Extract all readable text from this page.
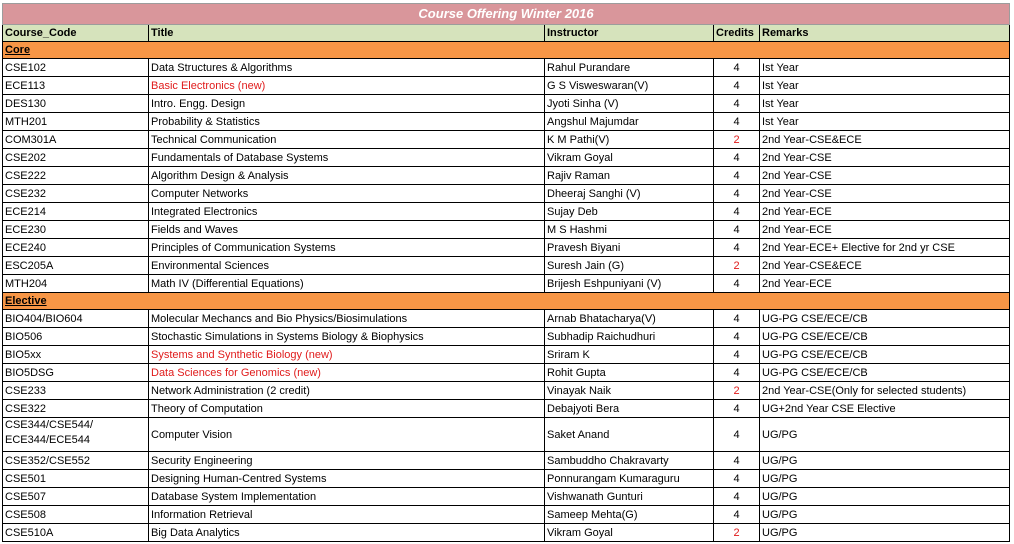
Course Offering Winter 2016				
Course_Code	Title	Instructor	Credits	Remarks
Core				
CSE102	Data Structures & Algorithms	Rahul Purandare	4	Ist Year
ECE113	Basic Electronics (new)	G S Visweswaran(V)	4	Ist Year
DES130	Intro. Engg. Design	Jyoti Sinha (V)	4	Ist Year
MTH201	Probability & Statistics	Angshul Majumdar	4	Ist Year
COM301A	Technical Communication	K M Pathi(V)	2	2nd Year-CSE&ECE
CSE202	Fundamentals of Database Systems	Vikram Goyal	4	2nd Year-CSE
CSE222	Algorithm Design & Analysis	Rajiv Raman	4	2nd Year-CSE
CSE232	Computer Networks	Dheeraj Sanghi (V)	4	2nd Year-CSE
ECE214	Integrated Electronics	Sujay Deb	4	2nd Year-ECE
ECE230	Fields and Waves	M S Hashmi	4	2nd Year-ECE
ECE240	Principles of Communication Systems	Pravesh Biyani	4	2nd Year-ECE+ Elective for 2nd yr CSE
ESC205A	Environmental Sciences	Suresh Jain (G)	2	2nd Year-CSE&ECE
MTH204	Math IV (Differential Equations)	Brijesh Eshpuniyani (V)	4	2nd Year-ECE
Elective				
BIO404/BIO604	Molecular Mechancs and Bio Physics/Biosimulations	Arnab Bhatacharya(V)	4	UG-PG CSE/ECE/CB
BIO506	Stochastic Simulations in Systems Biology & Biophysics	Subhadip Raichudhuri	4	UG-PG CSE/ECE/CB
BIO5xx	Systems and Synthetic Biology (new)	Sriram K	4	UG-PG CSE/ECE/CB
BIO5DSG	Data Sciences for Genomics (new)	Rohit Gupta	4	UG-PG CSE/ECE/CB
CSE233	Network Administration (2 credit)	Vinayak Naik	2	2nd Year-CSE(Only for selected students)
CSE322	Theory of Computation	Debajyoti Bera	4	UG+2nd Year CSE Elective
CSE344/CSE544/ ECE344/ECE544	Computer Vision	Saket Anand	4	UG/PG
CSE352/CSE552	Security Engineering	Sambuddho Chakravarty	4	UG/PG
CSE501	Designing Human-Centred Systems	Ponnurangam Kumaraguru	4	UG/PG
CSE507	Database System Implementation	Vishwanath Gunturi	4	UG/PG
CSE508	Information Retrieval	Sameep Mehta(G)	4	UG/PG
CSE510A	Big Data Analytics	Vikram Goyal	2	UG/PG
